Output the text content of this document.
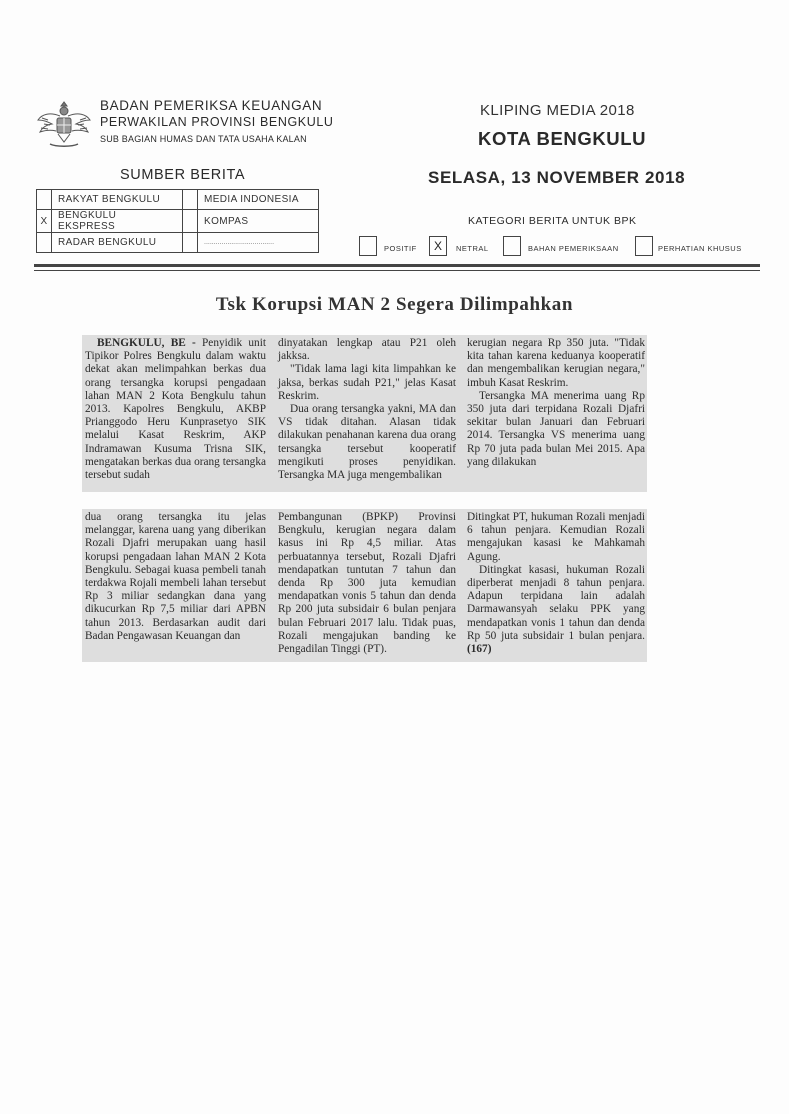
BADAN PEMERIKSA KEUANGAN
PERWAKILAN PROVINSI BENGKULU
SUB BAGIAN HUMAS DAN TATA USAHA KALAN
KLIPING MEDIA 2018
KOTA BENGKULU
SUMBER BERITA	SELASA, 13 NOVEMBER 2018
	RAKYAT BENGKULU		MEDIA INDONESIA
X	BENGKULU EKSPRESS		KOMPAS
	RADAR BENGKULU		....................................
KATEGORI BERITA UNTUK BPK
POSITIF	X	NETRAL	BAHAN PEMERIKSAAN	PERHATIAN KHUSUS
Tsk Korupsi MAN 2 Segera Dilimpahkan

BENGKULU, BE - Penyidik unit Tipikor Polres Bengkulu dalam waktu dekat akan melimpahkan berkas dua orang tersangka korupsi pengadaan lahan MAN 2 Kota Bengkulu tahun 2013. Kapolres Bengkulu, AKBP Prianggodo Heru Kunprasetyo SIK melalui Kasat Reskrim, AKP Indramawan Kusuma Trisna SIK, mengatakan berkas dua orang tersangka tersebut sudah

dinyatakan lengkap atau P21 oleh jakksa.

"Tidak lama lagi kita limpahkan ke jaksa, berkas sudah P21," jelas Kasat Reskrim.

Dua orang tersangka yakni, MA dan VS tidak ditahan. Alasan tidak dilakukan penahanan karena dua orang tersangka tersebut kooperatif mengikuti proses penyidikan. Tersangka MA juga mengembalikan

kerugian negara Rp 350 juta. "Tidak kita tahan karena keduanya kooperatif dan mengembalikan kerugian negara," imbuh Kasat Reskrim.

Tersangka MA menerima uang Rp 350 juta dari terpidana Rozali Djafri sekitar bulan Januari dan Februari 2014. Tersangka VS menerima uang Rp 70 juta pada bulan Mei 2015. Apa yang dilakukan

dua orang tersangka itu jelas melanggar, karena uang yang diberikan Rozali Djafri merupakan uang hasil korupsi pengadaan lahan MAN 2 Kota Bengkulu. Sebagai kuasa pembeli tanah terdakwa Rojali membeli lahan tersebut Rp 3 miliar sedangkan dana yang dikucurkan Rp 7,5 miliar dari APBN tahun 2013. Berdasarkan audit dari Badan Pengawasan Keuangan dan

Pembangunan (BPKP) Provinsi Bengkulu, kerugian negara dalam kasus ini Rp 4,5 miliar. Atas perbuatannya tersebut, Rozali Djafri mendapatkan tuntutan 7 tahun dan denda Rp 300 juta kemudian mendapatkan vonis 5 tahun dan denda Rp 200 juta subsidair 6 bulan penjara bulan Februari 2017 lalu. Tidak puas, Rozali mengajukan banding ke Pengadilan Tinggi (PT).

Ditingkat PT, hukuman Rozali menjadi 6 tahun penjara. Kemudian Rozali mengajukan kasasi ke Mahkamah Agung.

Ditingkat kasasi, hukuman Rozali diperberat menjadi 8 tahun penjara. Adapun terpidana lain adalah Darmawansyah selaku PPK yang mendapatkan vonis 1 tahun dan denda Rp 50 juta subsidair 1 bulan penjara. (167)
